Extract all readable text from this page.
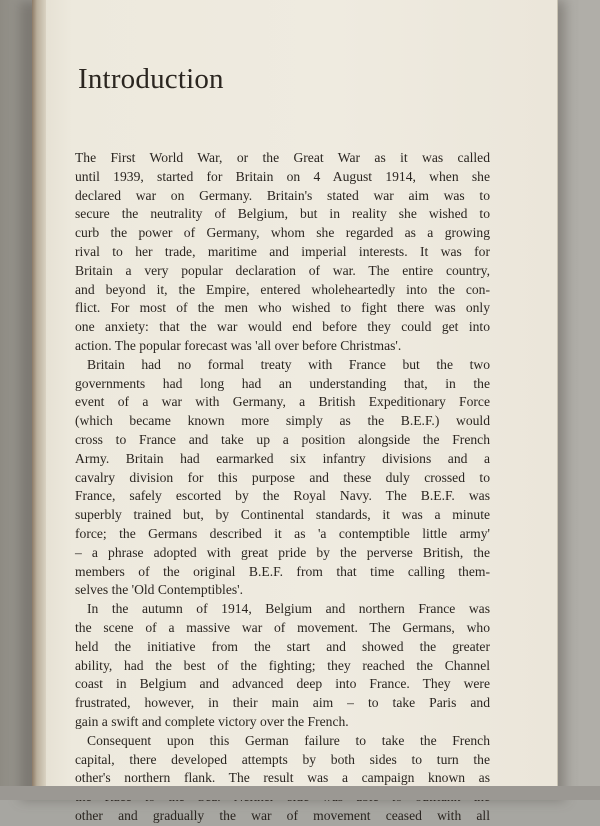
Introduction
The First World War, or the Great War as it was called
until 1939, started for Britain on 4 August 1914, when she
declared war on Germany. Britain's stated war aim was to
secure the neutrality of Belgium, but in reality she wished to
curb the power of Germany, whom she regarded as a growing
rival to her trade, maritime and imperial interests. It was for
Britain a very popular declaration of war. The entire country,
and beyond it, the Empire, entered wholeheartedly into the con-
flict. For most of the men who wished to fight there was only
one anxiety: that the war would end before they could get into
action. The popular forecast was 'all over before Christmas'.
Britain had no formal treaty with France but the two
governments had long had an understanding that, in the
event of a war with Germany, a British Expeditionary Force
(which became known more simply as the B.E.F.) would
cross to France and take up a position alongside the French
Army. Britain had earmarked six infantry divisions and a
cavalry division for this purpose and these duly crossed to
France, safely escorted by the Royal Navy. The B.E.F. was
superbly trained but, by Continental standards, it was a minute
force; the Germans described it as 'a contemptible little army'
– a phrase adopted with great pride by the perverse British, the
members of the original B.E.F. from that time calling them-
selves the 'Old Contemptibles'.
In the autumn of 1914, Belgium and northern France was
the scene of a massive war of movement. The Germans, who
held the initiative from the start and showed the greater
ability, had the best of the fighting; they reached the Channel
coast in Belgium and advanced deep into France. They were
frustrated, however, in their main aim – to take Paris and
gain a swift and complete victory over the French.
Consequent upon this German failure to take the French
capital, there developed attempts by both sides to turn the
other's northern flank. The result was a campaign known as
other and gradually the war of movement ceased with all
